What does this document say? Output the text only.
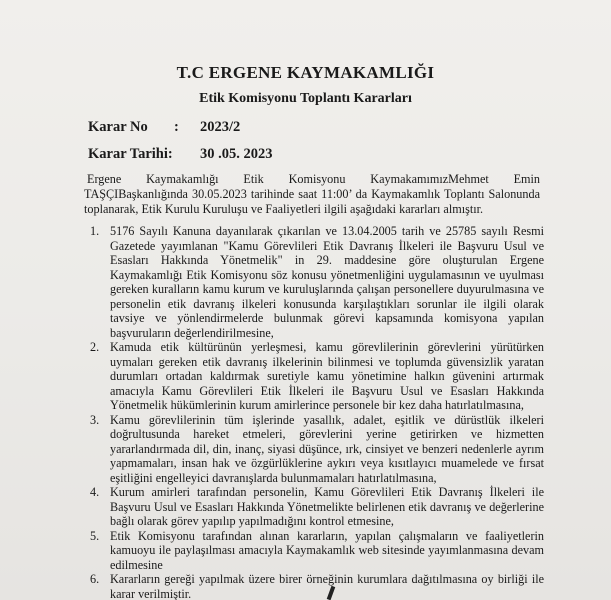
T.C ERGENE KAYMAKAMLIĞI
Etik Komisyonu Toplantı Kararları
Karar No : 2023/2
Karar Tarihi: 30 .05. 2023
Ergene Kaymakamlığı Etik Komisyonu KaymakamımızMehmet Emin
TAŞÇIBaşkanlığında 30.05.2023 tarihinde saat 11:00’ da Kaymakamlık Toplantı Salonunda toplanarak, Etik Kurulu Kuruluşu ve Faaliyetleri ilgili aşağıdaki kararları almıştır.
1. 5176 Sayılı Kanuna dayanılarak çıkarılan ve 13.04.2005 tarih ve 25785 sayılı Resmi Gazetede yayımlanan "Kamu Görevlileri Etik Davranış İlkeleri ile Başvuru Usul ve Esasları Hakkında Yönetmelik" in 29. maddesine göre oluşturulan Ergene Kaymakamlığı Etik Komisyonu söz konusu yönetmenliğini uygulamasının ve uyulması gereken kuralların kamu kurum ve kuruluşlarında çalışan personellere duyurulmasına ve personelin etik davranış ilkeleri konusunda karşılaştıkları sorunlar ile ilgili olarak tavsiye ve yönlendirmelerde bulunmak görevi kapsamında komisyona yapılan başvuruların değerlendirilmesine,
2. Kamuda etik kültürünün yerleşmesi, kamu görevlilerinin görevlerini yürütürken uymaları gereken etik davranış ilkelerinin bilinmesi ve toplumda güvensizlik yaratan durumları ortadan kaldırmak suretiyle kamu yönetimine halkın güvenini artırmak amacıyla Kamu Görevlileri Etik İlkeleri ile Başvuru Usul ve Esasları Hakkında Yönetmelik hükümlerinin kurum amirlerince personele bir kez daha hatırlatılmasına,
3. Kamu görevlilerinin tüm işlerinde yasallık, adalet, eşitlik ve dürüstlük ilkeleri doğrultusunda hareket etmeleri, görevlerini yerine getirirken ve hizmetten yararlandırmada dil, din, inanç, siyasi düşünce, ırk, cinsiyet ve benzeri nedenlerle ayrım yapmamaları, insan hak ve özgürlüklerine aykırı veya kısıtlayıcı muamelede ve fırsat eşitliğini engelleyici davranışlarda bulunmamaları hatırlatılmasına,
4. Kurum amirleri tarafından personelin, Kamu Görevlileri Etik Davranış İlkeleri ile Başvuru Usul ve Esasları Hakkında Yönetmelikte belirlenen etik davranış ve değerlerine bağlı olarak görev yapılıp yapılmadığını kontrol etmesine,
5. Etik Komisyonu tarafından alınan kararların, yapılan çalışmaların ve faaliyetlerin kamuoyu ile paylaşılması amacıyla Kaymakamlık web sitesinde yayımlanmasına devam edilmesine
6. Kararların gereği yapılmak üzere birer örneğinin kurumlara dağıtılmasına oy birliği ile karar verilmiştir.
